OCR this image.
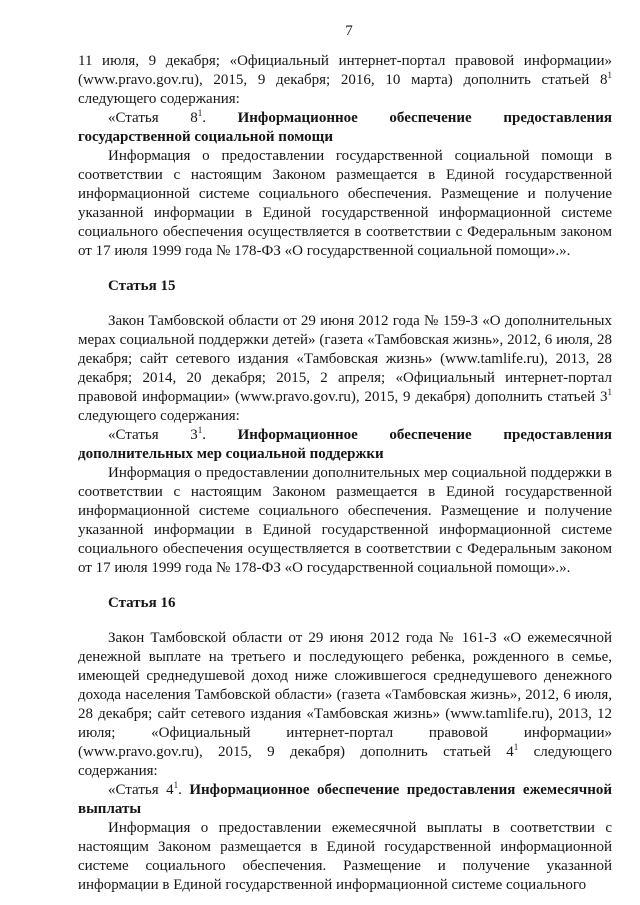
7

11 июля, 9 декабря; «Официальный интернет-портал правовой информации» (www.pravo.gov.ru), 2015, 9 декабря; 2016, 10 марта) дополнить статьей $8^1$ следующего содержания:

«Статья $8^1$. Информационное обеспечение предоставления

государственной социальной помощи

Информация о предоставлении государственной социальной помощи в соответствии с настоящим Законом размещается в Единой государственной информационной системе социального обеспечения. Размещение и получение указанной информации в Единой государственной информационной системе социального обеспечения осуществляется в соответствии с Федеральным законом от 17 июля 1999 года № 178-ФЗ «О государственной социальной помощи».».

Статья 15

Закон Тамбовской области от 29 июня 2012 года № 159-З «О дополнительных мерах социальной поддержки детей» (газета «Тамбовская жизнь», 2012, 6 июля, 28 декабря; сайт сетевого издания «Тамбовская жизнь» (www.tamlife.ru), 2013, 28 декабря; 2014, 20 декабря; 2015, 2 апреля; «Официальный интернет-портал правовой информации» (www.pravo.gov.ru), 2015, 9 декабря) дополнить статьей $3^1$ следующего содержания:

«Статья $3^1$. Информационное обеспечение предоставления

дополнительных мер социальной поддержки

Информация о предоставлении дополнительных мер социальной поддержки в соответствии с настоящим Законом размещается в Единой государственной информационной системе социального обеспечения. Размещение и получение указанной информации в Единой государственной информационной системе социального обеспечения осуществляется в соответствии с Федеральным законом от 17 июля 1999 года № 178-ФЗ «О государственной социальной помощи».».

Статья 16

Закон Тамбовской области от 29 июня 2012 года № 161-З «О ежемесячной денежной выплате на третьего и последующего ребенка, рожденного в семье, имеющей среднедушевой доход ниже сложившегося среднедушевого денежного дохода населения Тамбовской области» (газета «Тамбовская жизнь», 2012, 6 июля, 28 декабря; сайт сетевого издания «Тамбовская жизнь» (www.tamlife.ru), 2013, 12 июля; «Официальный интернет-портал правовой информации» (www.pravo.gov.ru), 2015, 9 декабря) дополнить статьей $4^1$ следующего содержания:

«Статья $4^1$. Информационное обеспечение предоставления ежемесячной выплаты

Информация о предоставлении ежемесячной выплаты в соответствии с настоящим Законом размещается в Единой государственной информационной системе социального обеспечения. Размещение и получение указанной информации в Единой государственной информационной системе социального
